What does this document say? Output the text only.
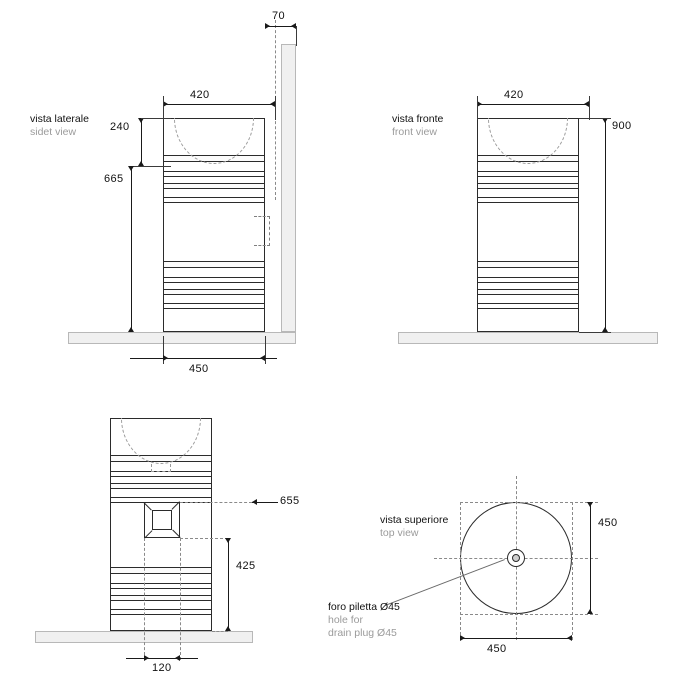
70
420
240
665
450
vista laterale
sidet view
420
900
vista fronte
front view
655
425
120
450
450
foro piletta Ø45
hole for
drain plug Ø45
vista superiore
top view
